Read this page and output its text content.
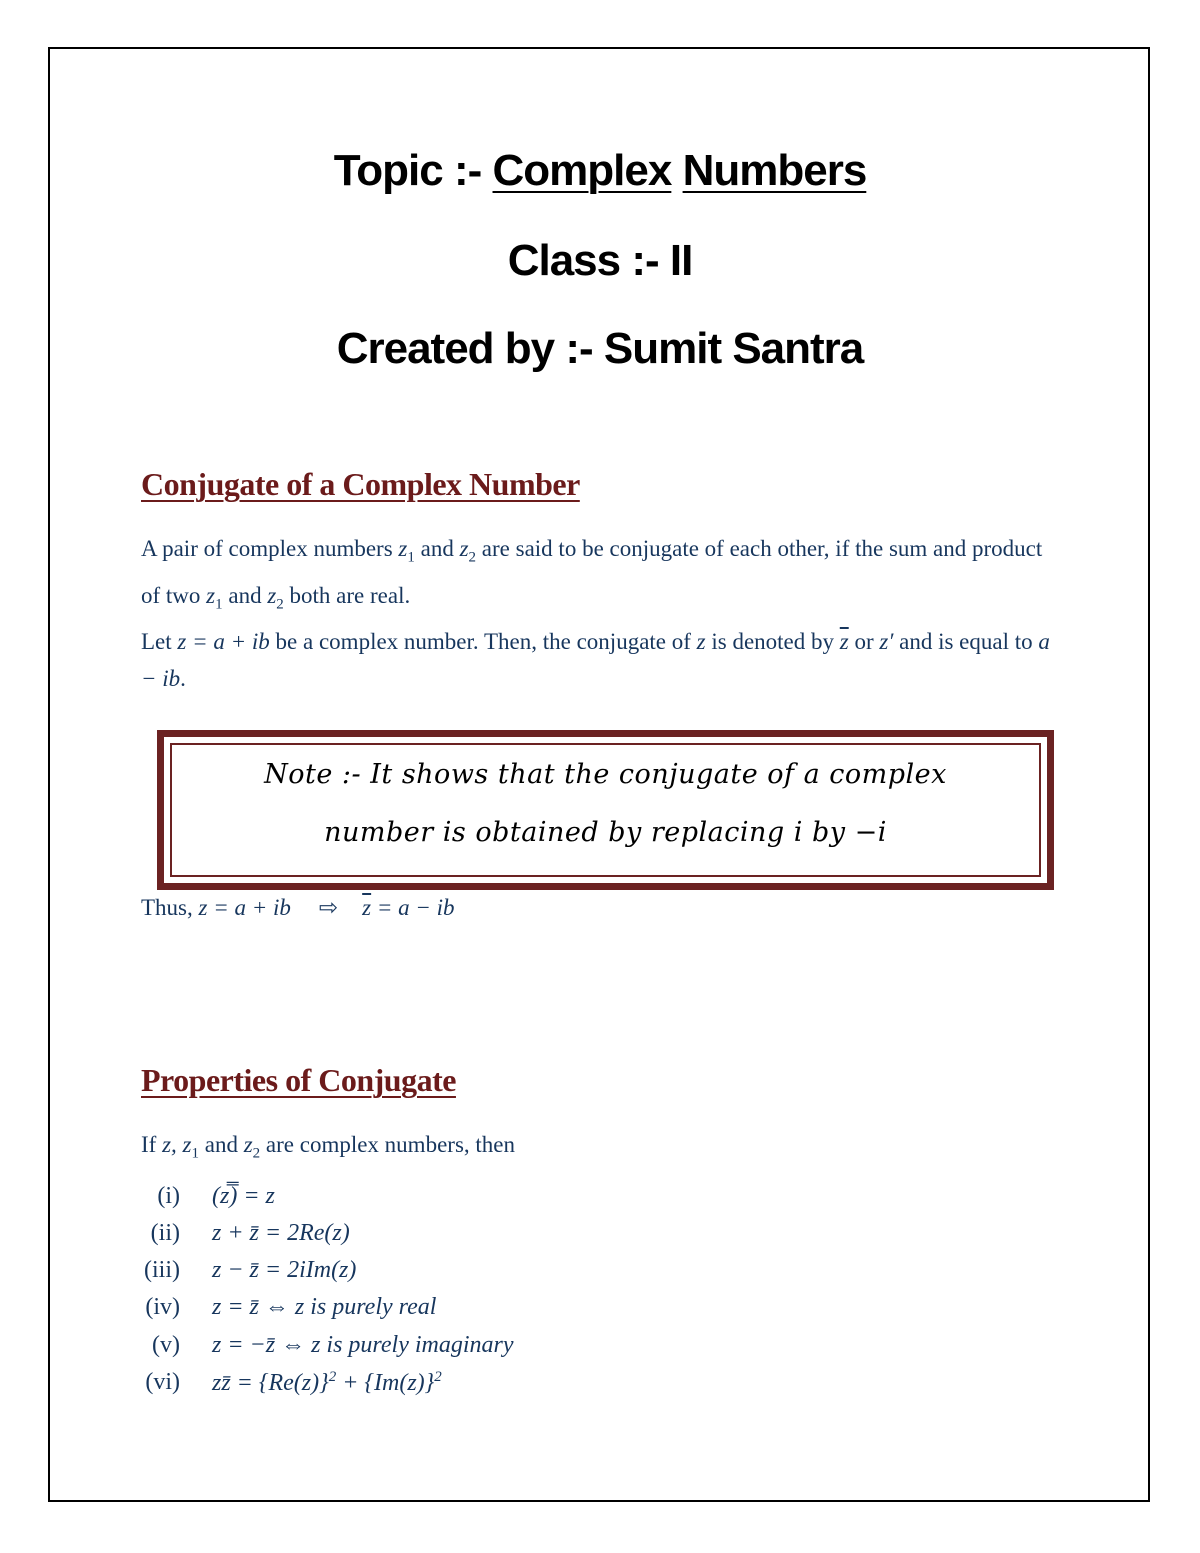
Topic :- Complex Numbers
Class :- II
Created by :- Sumit Santra
Conjugate of a Complex Number
A pair of complex numbers $z_1$ and $z_2$ are said to be conjugate of each other, if the sum and product of two $z_1$ and $z_2$ both are real.
Let z = a + ib be a complex number. Then, the conjugate of z is denoted by $\overline{z}$ or z′ and is equal to a − ib.
Note :- It shows that the conjugate of a complex
number is obtained by replacing i by −i
Thus, z = a + ib ⇨ $\overline{z} = a$ − ib
Properties of Conjugate
If z, $z_1$ and $z_2$ are complex numbers, then
(i) (z̿) = z
(ii) z + z̄ = 2Re(z)
(iii) z − z̄ = 2iIm(z)
(iv) z = z̄ ⇔ z is purely real
(v) z = −z̄ ⇔ z is purely imaginary
(vi) zz̄ = $\{Re(z)\}^2 + \{Im(z)\}^2$
